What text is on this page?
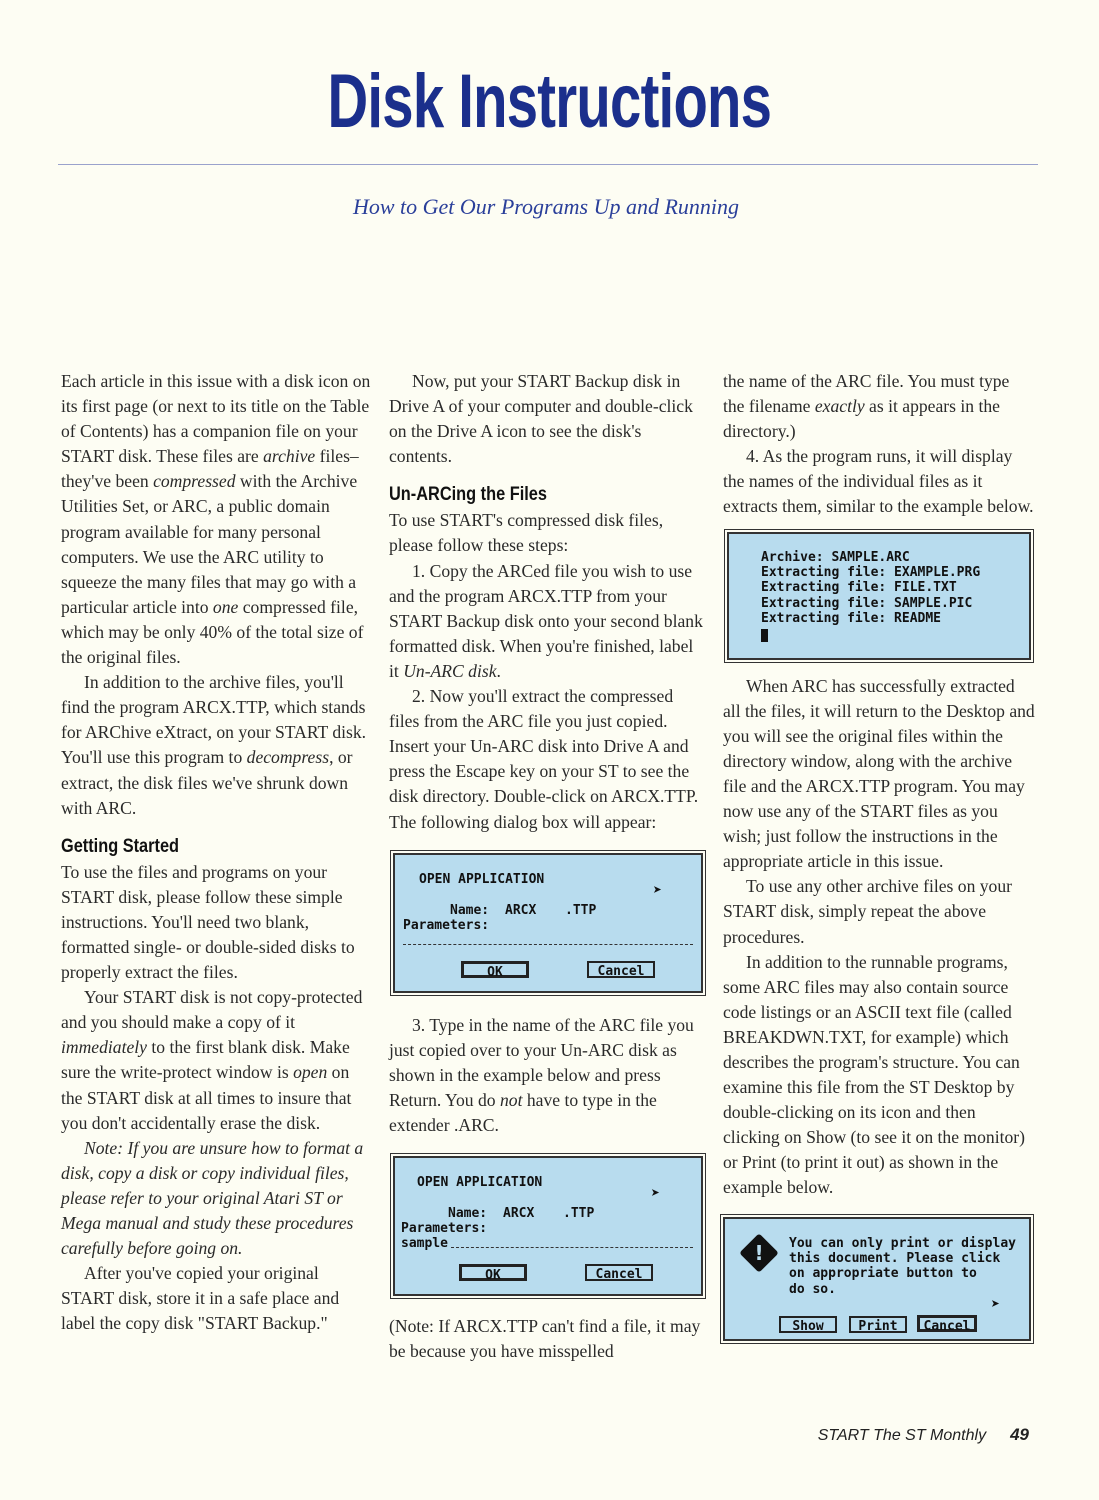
Disk Instructions
How to Get Our Programs Up and Running

Each article in this issue with a disk icon on its first page (or next to its title on the Table of Contents) has a companion file on your START disk. These files are archive files–they've been compressed with the Archive Utilities Set, or ARC, a public domain program available for many personal computers. We use the ARC utility to squeeze the many files that may go with a particular article into one compressed file, which may be only 40% of the total size of the original files.

In addition to the archive files, you'll find the program ARCX.TTP, which stands for ARChive eXtract, on your START disk. You'll use this program to decompress, or extract, the disk files we've shrunk down with ARC.

Getting Started

To use the files and programs on your START disk, please follow these simple instructions. You'll need two blank, formatted single- or double-sided disks to properly extract the files.

Your START disk is not copy-protected and you should make a copy of it immediately to the first blank disk. Make sure the write-protect window is open on the START disk at all times to insure that you don't accidentally erase the disk.

Note: If you are unsure how to format a disk, copy a disk or copy individual files, please refer to your original Atari ST or Mega manual and study these procedures carefully before going on.

After you've copied your original START disk, store it in a safe place and label the copy disk "START Backup."

Now, put your START Backup disk in Drive A of your computer and double-click on the Drive A icon to see the disk's contents.

Un-ARCing the Files

To use START's compressed disk files, please follow these steps:

1. Copy the ARCed file you wish to use and the program ARCX.TTP from your START Backup disk onto your second blank formatted disk. When you're finished, label it Un-ARC disk.

2. Now you'll extract the compressed files from the ARC file you just copied. Insert your Un-ARC disk into Drive A and press the Escape key on your ST to see the disk directory. Double-click on ARCX.TTP. The following dialog box will appear:

OPEN APPLICATION
Name: ARCX .TTP
Parameters:
➤
OK	Cancel

3. Type in the name of the ARC file you just copied over to your Un-ARC disk as shown in the example below and press Return. You do not have to type in the extender .ARC.

OPEN APPLICATION
Name: ARCX .TTP
Parameters:
sample
➤
OK	Cancel

(Note: If ARCX.TTP can't find a file, it may be because you have misspelled

the name of the ARC file. You must type the filename exactly as it appears in the directory.)

4. As the program runs, it will display the names of the individual files as it extracts them, similar to the example below.

Archive: SAMPLE.ARC
Extracting file: EXAMPLE.PRG
Extracting file: FILE.TXT
Extracting file: SAMPLE.PIC
Extracting file: README

When ARC has successfully extracted all the files, it will return to the Desktop and you will see the original files within the directory window, along with the archive file and the ARCX.TTP program. You may now use any of the START files as you wish; just follow the instructions in the appropriate article in this issue.

To use any other archive files on your START disk, simply repeat the above procedures.

In addition to the runnable programs, some ARC files may also contain source code listings or an ASCII text file (called BREAKDWN.TXT, for example) which describes the program's structure. You can examine this file from the ST Desktop by double-clicking on its icon and then clicking on Show (to see it on the monitor) or Print (to print it out) as shown in the example below.

!	You can only print or display
this document. Please click
on appropriate button to
do so.
➤
Show	Print	Cancel
START The ST Monthly 49
